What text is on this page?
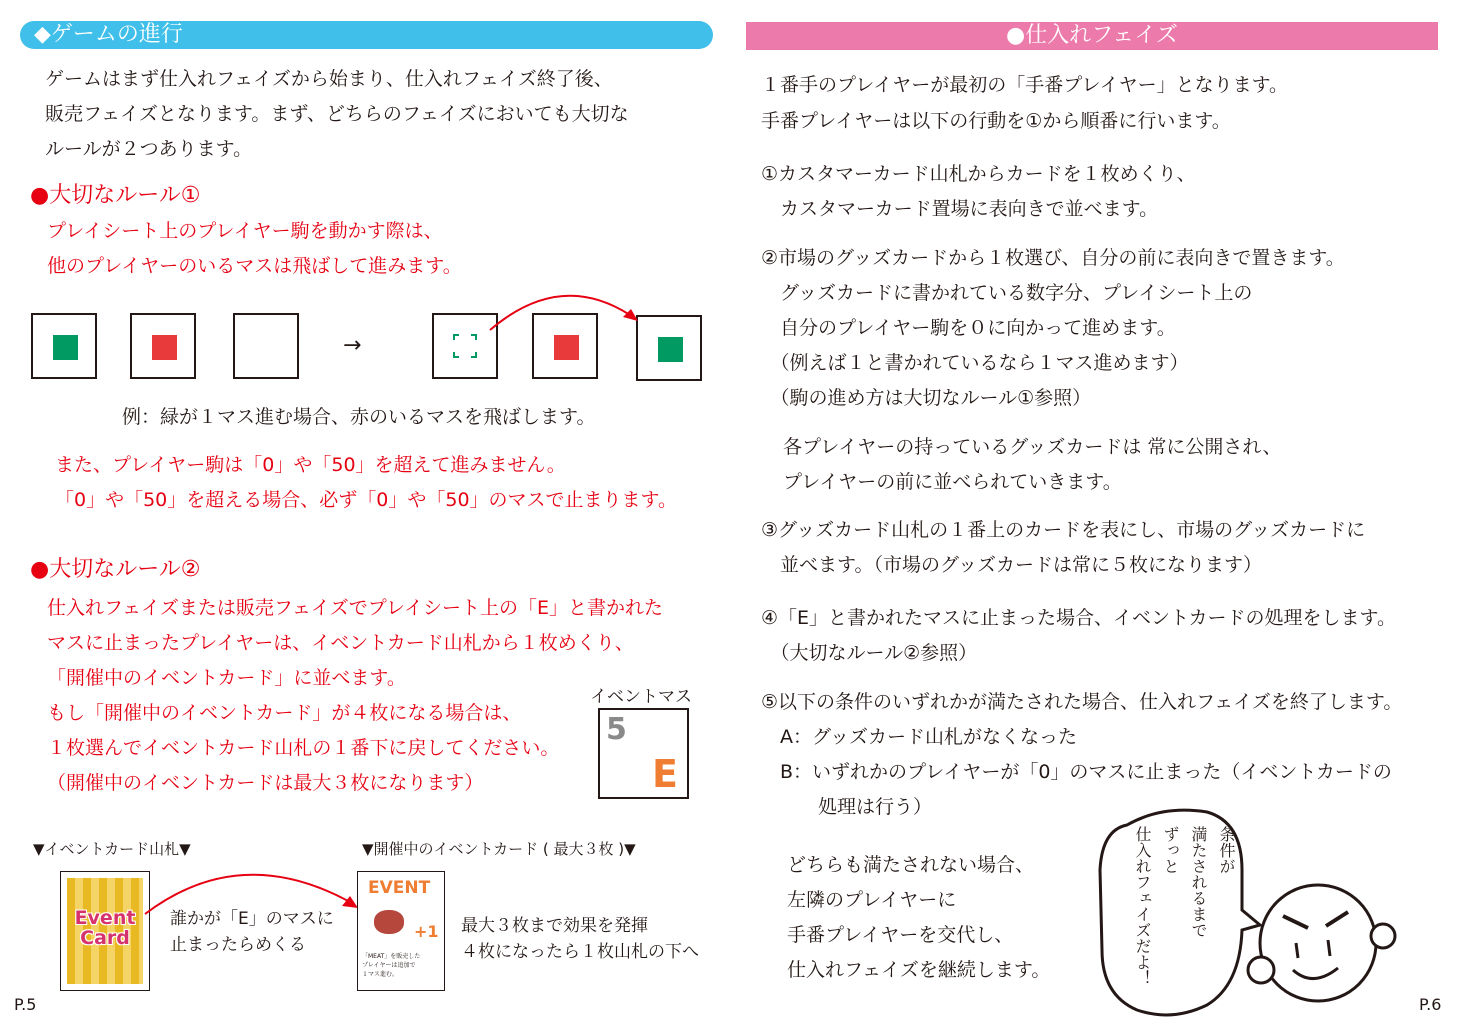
◆ゲームの進行
ゲームはまず仕入れフェイズから始まり、仕入れフェイズ終了後、
販売フェイズとなります。まず、どちらのフェイズにおいても大切な
ルールが２つあります。
●大切なルール①
プレイシート上のプレイヤー駒を動かす際は、
他のプレイヤーのいるマスは飛ばして進みます。
→
例：緑が１マス進む場合、赤のいるマスを飛ばします。
また、プレイヤー駒は「0」や「50」を超えて進みません。
「0」や「50」を超える場合、必ず「0」や「50」のマスで止まります。
●大切なルール②
仕入れフェイズまたは販売フェイズでプレイシート上の「E」と書かれた
マスに止まったプレイヤーは、イベントカード山札から１枚めくり、
「開催中のイベントカード」に並べます。
もし「開催中のイベントカード」が４枚になる場合は、
１枚選んでイベントカード山札の１番下に戻してください。
（開催中のイベントカードは最大３枚になります）
イベントマス
5
E
▼イベントカード山札▼	▼開催中のイベントカード ( 最大３枚 )▼
Event
Card
誰かが「E」のマスに
止まったらめくる
EVENT
+1
「MEAT」を販売した
プレイヤーは追加で
１マス進む。
最大３枚まで効果を発揮
４枚になったら１枚山札の下へ
P.5
●仕入れフェイズ
１番手のプレイヤーが最初の「手番プレイヤー」となります。
手番プレイヤーは以下の行動を①から順番に行います。
①カスタマーカード山札からカードを１枚めくり、
　カスタマーカード置場に表向きで並べます。
②市場のグッズカードから１枚選び、自分の前に表向きで置きます。
　グッズカードに書かれている数字分、プレイシート上の
　自分のプレイヤー駒を０に向かって進めます。
　（例えば１と書かれているなら１マス進めます）
　（駒の進め方は大切なルール①参照）
各プレイヤーの持っているグッズカードは 常に公開され、
プレイヤーの前に並べられていきます。
③グッズカード山札の１番上のカードを表にし、市場のグッズカードに
　並べます。（市場のグッズカードは常に５枚になります）
④「E」と書かれたマスに止まった場合、イベントカードの処理をします。
　（大切なルール②参照）
⑤以下の条件のいずれかが満たされた場合、仕入れフェイズを終了します。
　A：グッズカード山札がなくなった
　B：いずれかのプレイヤーが「0」のマスに止まった（イベントカードの
　　　処理は行う）
どちらも満たされない場合、
左隣のプレイヤーに
手番プレイヤーを交代し、
仕入れフェイズを継続します。
条件が
満たされるまで
ずっと
仕入れフェイズだよ！
P.6
